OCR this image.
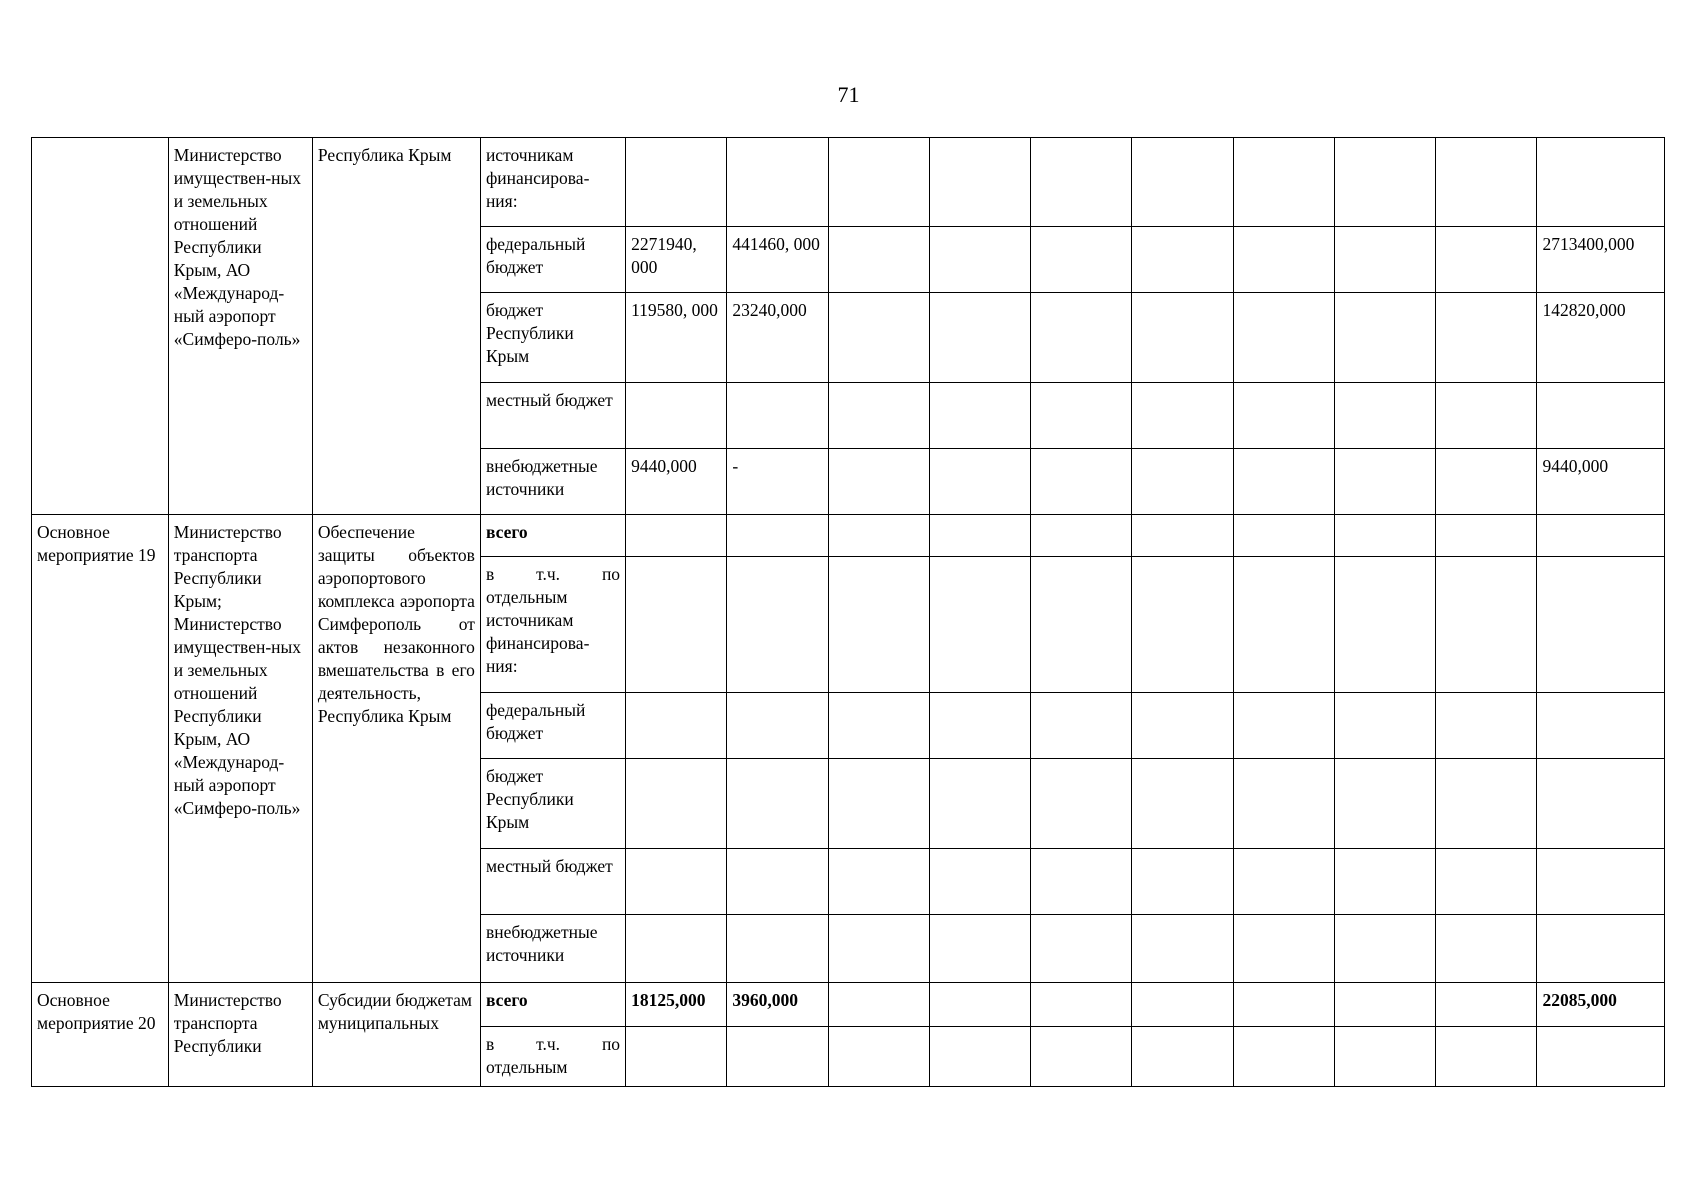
71
	Министерство имуществен-ных и земельных отношений Республики Крым, АО «Международ-ный аэропорт «Симферо-поль»	Республика Крым	источникам финансирова-ния:										
			федеральный бюджет	2271940, 000	441460, 000								2713400,000
			бюджет Республики Крым	119580, 000	23240,000								142820,000
			местный бюджет										
			внебюджетные источники	9440,000	-								9440,000
Основное мероприятие 19	Министерство транспорта Республики Крым; Министерство имуществен-ных и земельных отношений Республики Крым, АО «Международ-ный аэропорт «Симферо-поль»	Обеспечение защиты объектов аэропортового комплекса аэропорта Симферополь от актов незаконного вмешательства в его деятельность, Республика Крым	всего										
			в т.ч. по отдельным источникам финансирова-ния:										
			федеральный бюджет										
			бюджет Республики Крым										
			местный бюджет										
			внебюджетные источники										
Основное мероприятие 20	Министерство транспорта Республики	Субсидии бюджетам муниципальных	всего	18125,000	3960,000								22085,000
			в т.ч. по отдельным										
